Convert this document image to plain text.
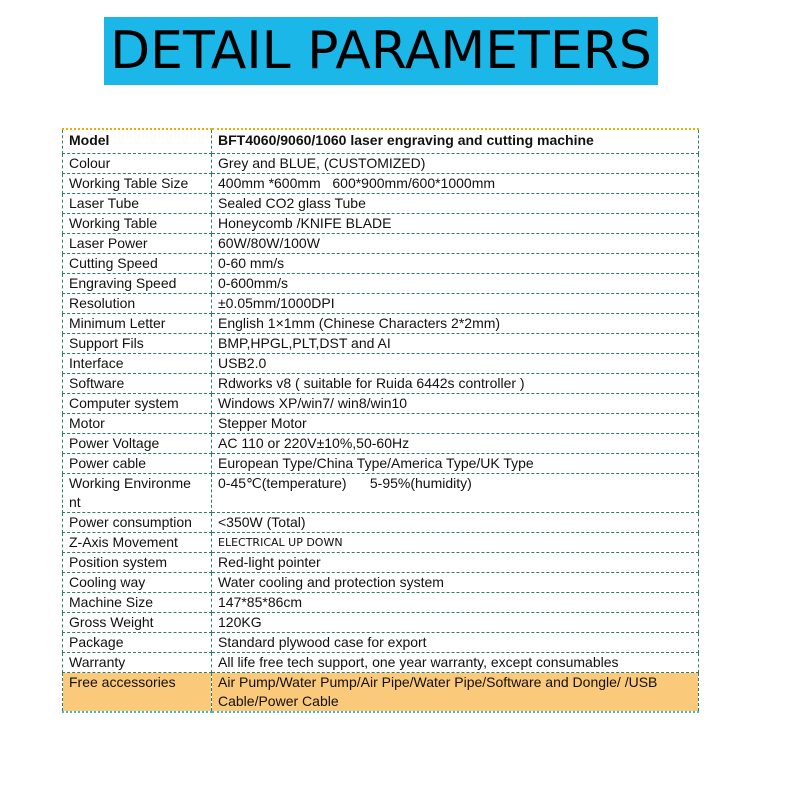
DETAIL PARAMETERS
Model	BFT4060/9060/1060 laser engraving and cutting machine
Colour	Grey and BLUE, (CUSTOMIZED)
Working Table Size	400mm *600mm   600*900mm/600*1000mm
Laser Tube	Sealed CO2 glass Tube
Working Table	Honeycomb /KNIFE BLADE
Laser Power	60W/80W/100W
Cutting Speed	0-60 mm/s
Engraving Speed	0-600mm/s
Resolution	±0.05mm/1000DPI
Minimum Letter	English 1×1mm (Chinese Characters 2*2mm)
Support Fils	BMP,HPGL,PLT,DST and AI
Interface	USB2.0
Software	Rdworks v8 ( suitable for Ruida 6442s controller )
Computer system	Windows XP/win7/ win8/win10
Motor	Stepper Motor
Power Voltage	AC 110 or 220V±10%,50-60Hz
Power cable	European Type/China Type/America Type/UK Type
Working Environme nt	0-45℃(temperature)      5-95%(humidity)
Power consumption	<350W (Total)
Z-Axis Movement	ELECTRICAL UP DOWN
Position system	Red-light pointer
Cooling way	Water cooling and protection system
Machine Size	147*85*86cm
Gross Weight	120KG
Package	Standard plywood case for export
Warranty	All life free tech support, one year warranty, except consumables
Free accessories	Air Pump/Water Pump/Air Pipe/Water Pipe/Software and Dongle/ /USB Cable/Power Cable
